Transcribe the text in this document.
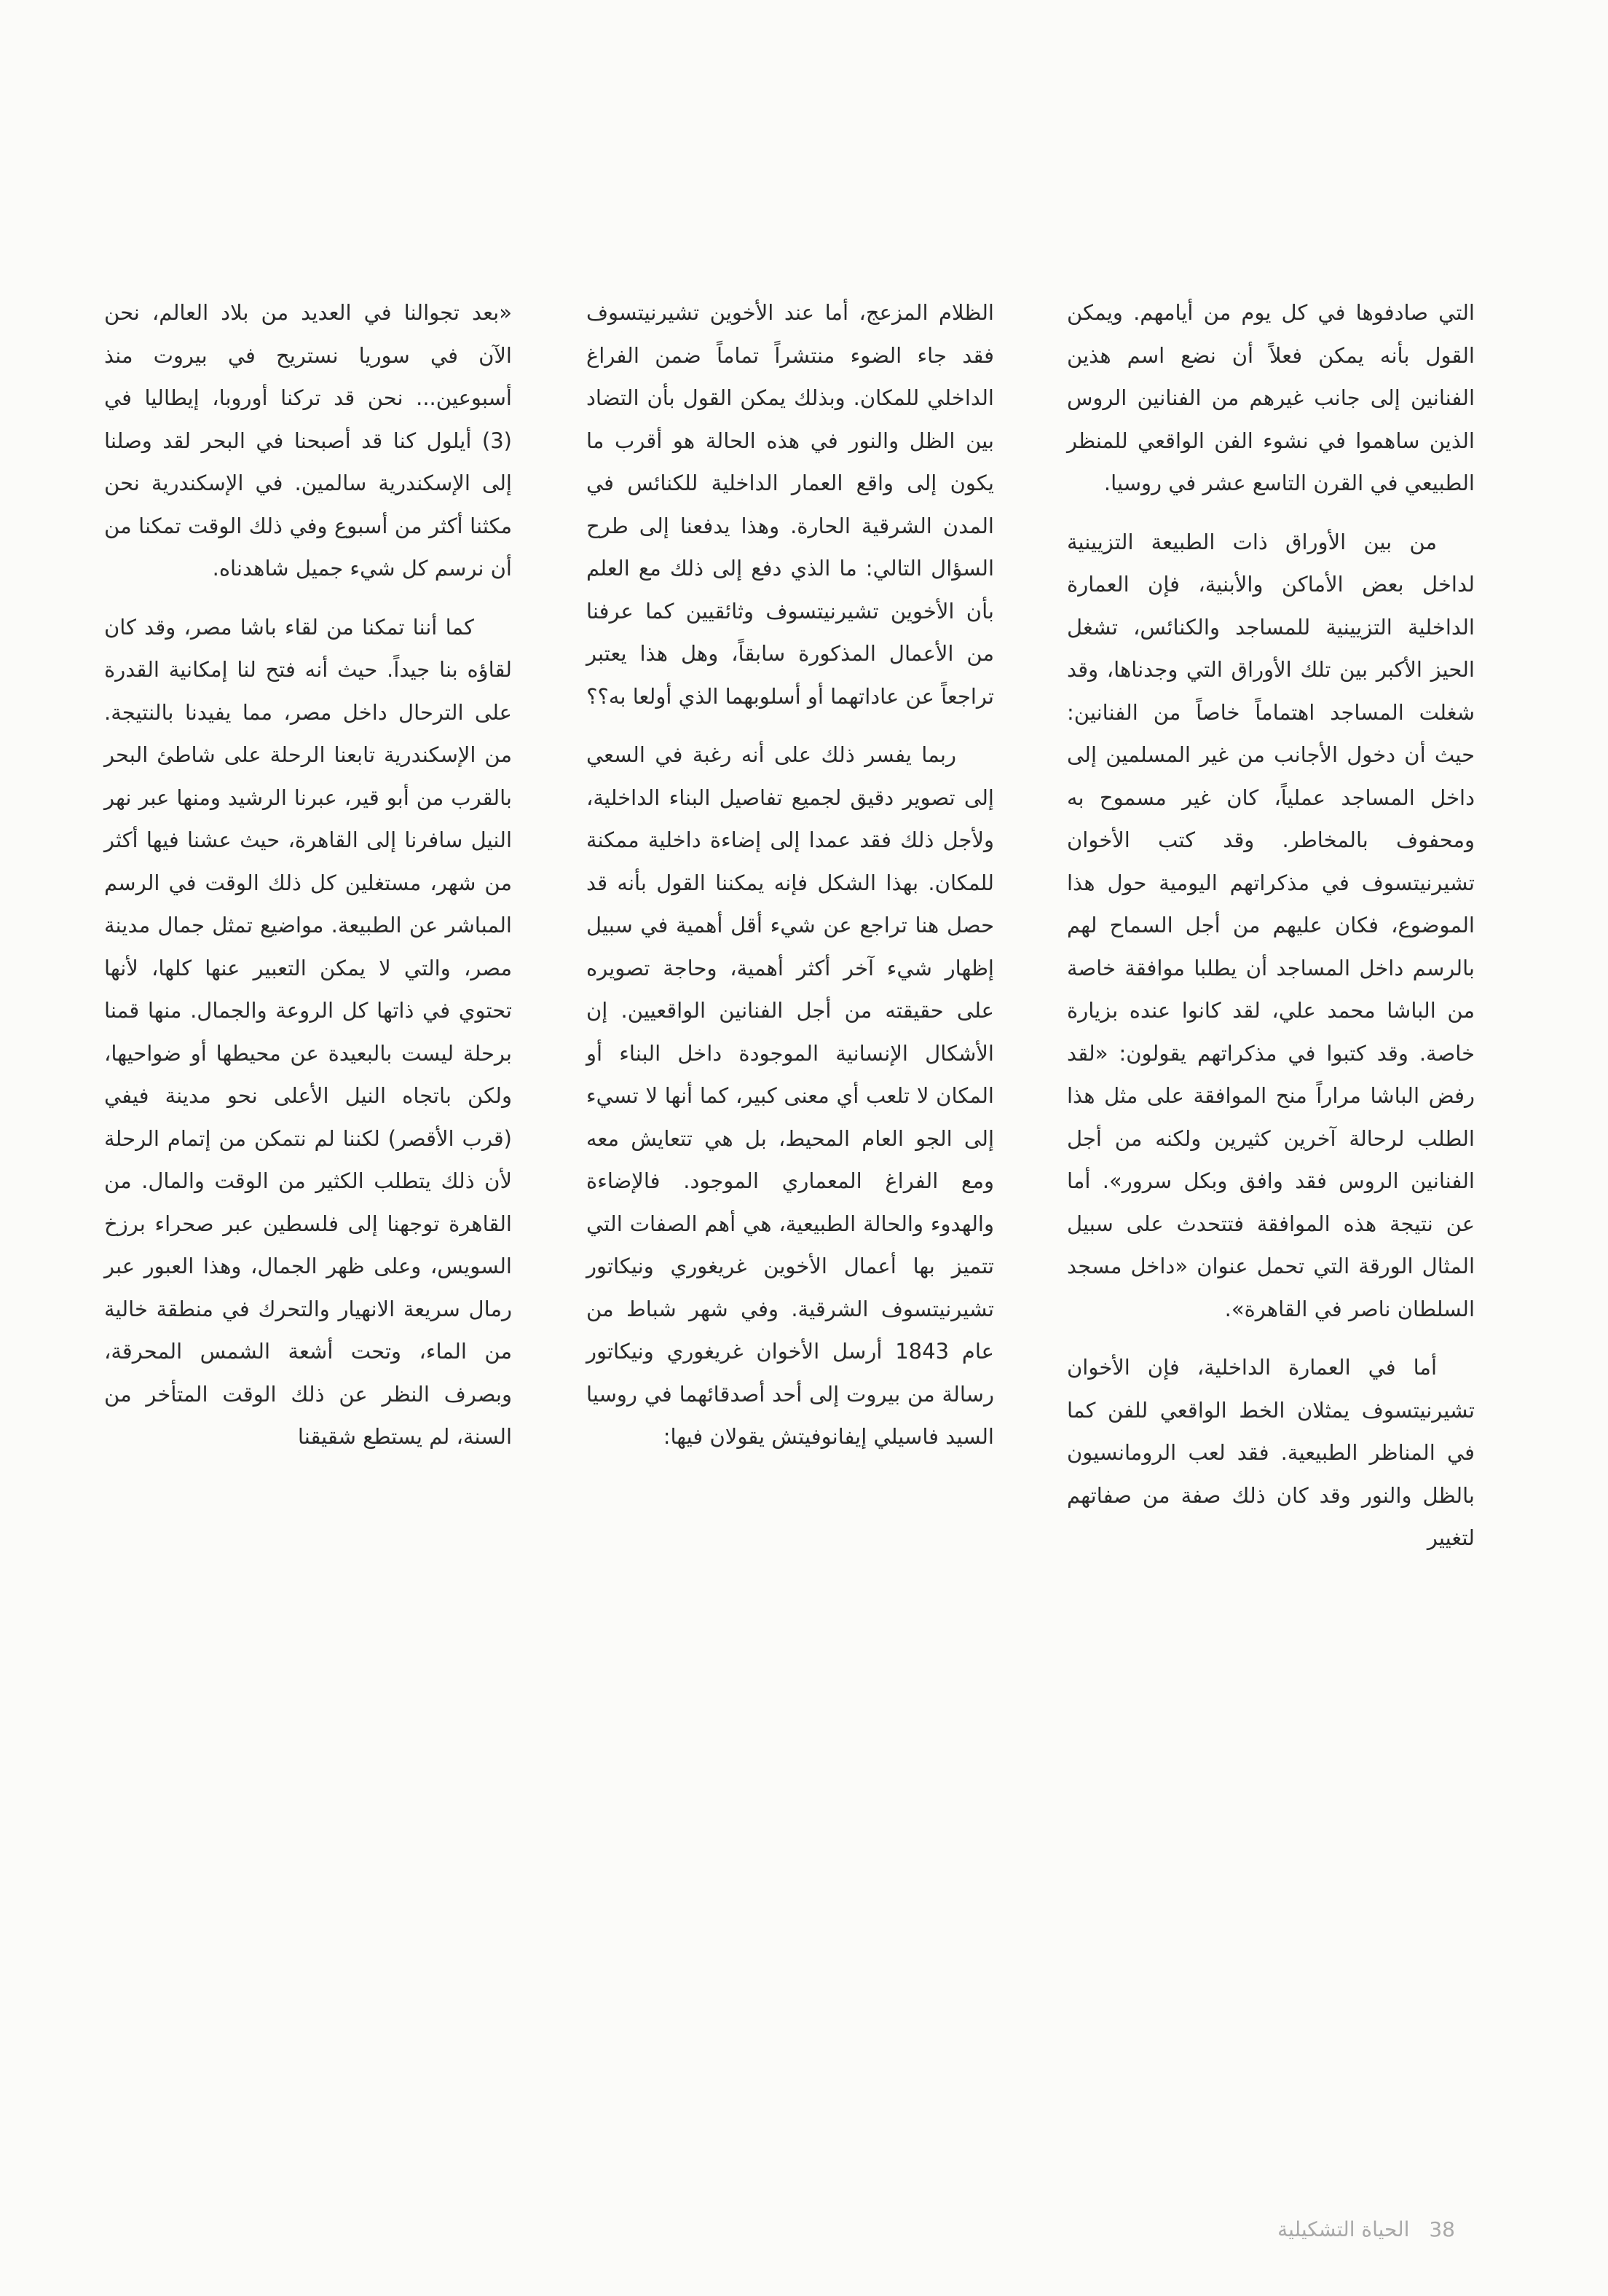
التي صادفوها في كل يوم من أيامهم. ويمكن القول بأنه يمكن فعلاً أن نضع اسم هذين الفنانين إلى جانب غيرهم من الفنانين الروس الذين ساهموا في نشوء الفن الواقعي للمنظر الطبيعي في القرن التاسع عشر في روسيا.

من بين الأوراق ذات الطبيعة التزيينية لداخل بعض الأماكن والأبنية، فإن العمارة الداخلية التزيينية للمساجد والكنائس، تشغل الحيز الأكبر بين تلك الأوراق التي وجدناها، وقد شغلت المساجد اهتماماً خاصاً من الفنانين: حيث أن دخول الأجانب من غير المسلمين إلى داخل المساجد عملياً، كان غير مسموح به ومحفوف بالمخاطر. وقد كتب الأخوان تشيرنيتسوف في مذكراتهم اليومية حول هذا الموضوع، فكان عليهم من أجل السماح لهم بالرسم داخل المساجد أن يطلبا موافقة خاصة من الباشا محمد علي، لقد كانوا عنده بزيارة خاصة. وقد كتبوا في مذكراتهم يقولون: «لقد رفض الباشا مراراً منح الموافقة على مثل هذا الطلب لرحالة آخرين كثيرين ولكنه من أجل الفنانين الروس فقد وافق وبكل سرور». أما عن نتيجة هذه الموافقة فتتحدث على سبيل المثال الورقة التي تحمل عنوان «داخل مسجد السلطان ناصر في القاهرة».

أما في العمارة الداخلية، فإن الأخوان تشيرنيتسوف يمثلان الخط الواقعي للفن كما في المناظر الطبيعية. فقد لعب الرومانسيون بالظل والنور وقد كان ذلك صفة من صفاتهم لتغيير

الظلام المزعج، أما عند الأخوين تشيرنيتسوف فقد جاء الضوء منتشراً تماماً ضمن الفراغ الداخلي للمكان. وبذلك يمكن القول بأن التضاد بين الظل والنور في هذه الحالة هو أقرب ما يكون إلى واقع العمار الداخلية للكنائس في المدن الشرقية الحارة. وهذا يدفعنا إلى طرح السؤال التالي: ما الذي دفع إلى ذلك مع العلم بأن الأخوين تشيرنيتسوف وثائقيين كما عرفنا من الأعمال المذكورة سابقاً، وهل هذا يعتبر تراجعاً عن عاداتهما أو أسلوبهما الذي أولعا به؟؟

ربما يفسر ذلك على أنه رغبة في السعي إلى تصوير دقيق لجميع تفاصيل البناء الداخلية، ولأجل ذلك فقد عمدا إلى إضاءة داخلية ممكنة للمكان. بهذا الشكل فإنه يمكننا القول بأنه قد حصل هنا تراجع عن شيء أقل أهمية في سبيل إظهار شيء آخر أكثر أهمية، وحاجة تصويره على حقيقته من أجل الفنانين الواقعيين. إن الأشكال الإنسانية الموجودة داخل البناء أو المكان لا تلعب أي معنى كبير، كما أنها لا تسيء إلى الجو العام المحيط، بل هي تتعايش معه ومع الفراغ المعماري الموجود. فالإضاءة والهدوء والحالة الطبيعية، هي أهم الصفات التي تتميز بها أعمال الأخوين غريغوري ونيكاتور تشيرنيتسوف الشرقية. وفي شهر شباط من عام 1843 أرسل الأخوان غريغوري ونيكاتور رسالة من بيروت إلى أحد أصدقائهما في روسيا السيد فاسيلي إيفانوفيتش يقولان فيها:

«بعد تجوالنا في العديد من بلاد العالم، نحن الآن في سوريا نستريح في بيروت منذ أسبوعين... نحن قد تركنا أوروبا، إيطاليا في (3) أيلول كنا قد أصبحنا في البحر لقد وصلنا إلى الإسكندرية سالمين. في الإسكندرية نحن مكثنا أكثر من أسبوع وفي ذلك الوقت تمكنا من أن نرسم كل شيء جميل شاهدناه.

كما أننا تمكنا من لقاء باشا مصر، وقد كان لقاؤه بنا جيداً. حيث أنه فتح لنا إمكانية القدرة على الترحال داخل مصر، مما يفيدنا بالنتيجة. من الإسكندرية تابعنا الرحلة على شاطئ البحر بالقرب من أبو قير، عبرنا الرشيد ومنها عبر نهر النيل سافرنا إلى القاهرة، حيث عشنا فيها أكثر من شهر، مستغلين كل ذلك الوقت في الرسم المباشر عن الطبيعة. مواضيع تمثل جمال مدينة مصر، والتي لا يمكن التعبير عنها كلها، لأنها تحتوي في ذاتها كل الروعة والجمال. منها قمنا برحلة ليست بالبعيدة عن محيطها أو ضواحيها، ولكن باتجاه النيل الأعلى نحو مدينة فيفي (قرب الأقصر) لكننا لم نتمكن من إتمام الرحلة لأن ذلك يتطلب الكثير من الوقت والمال. من القاهرة توجهنا إلى فلسطين عبر صحراء برزخ السويس، وعلى ظهر الجمال، وهذا العبور عبر رمال سريعة الانهيار والتحرك في منطقة خالية من الماء، وتحت أشعة الشمس المحرقة، وبصرف النظر عن ذلك الوقت المتأخر من السنة، لم يستطع شقيقنا

38 الحياة التشكيلية
